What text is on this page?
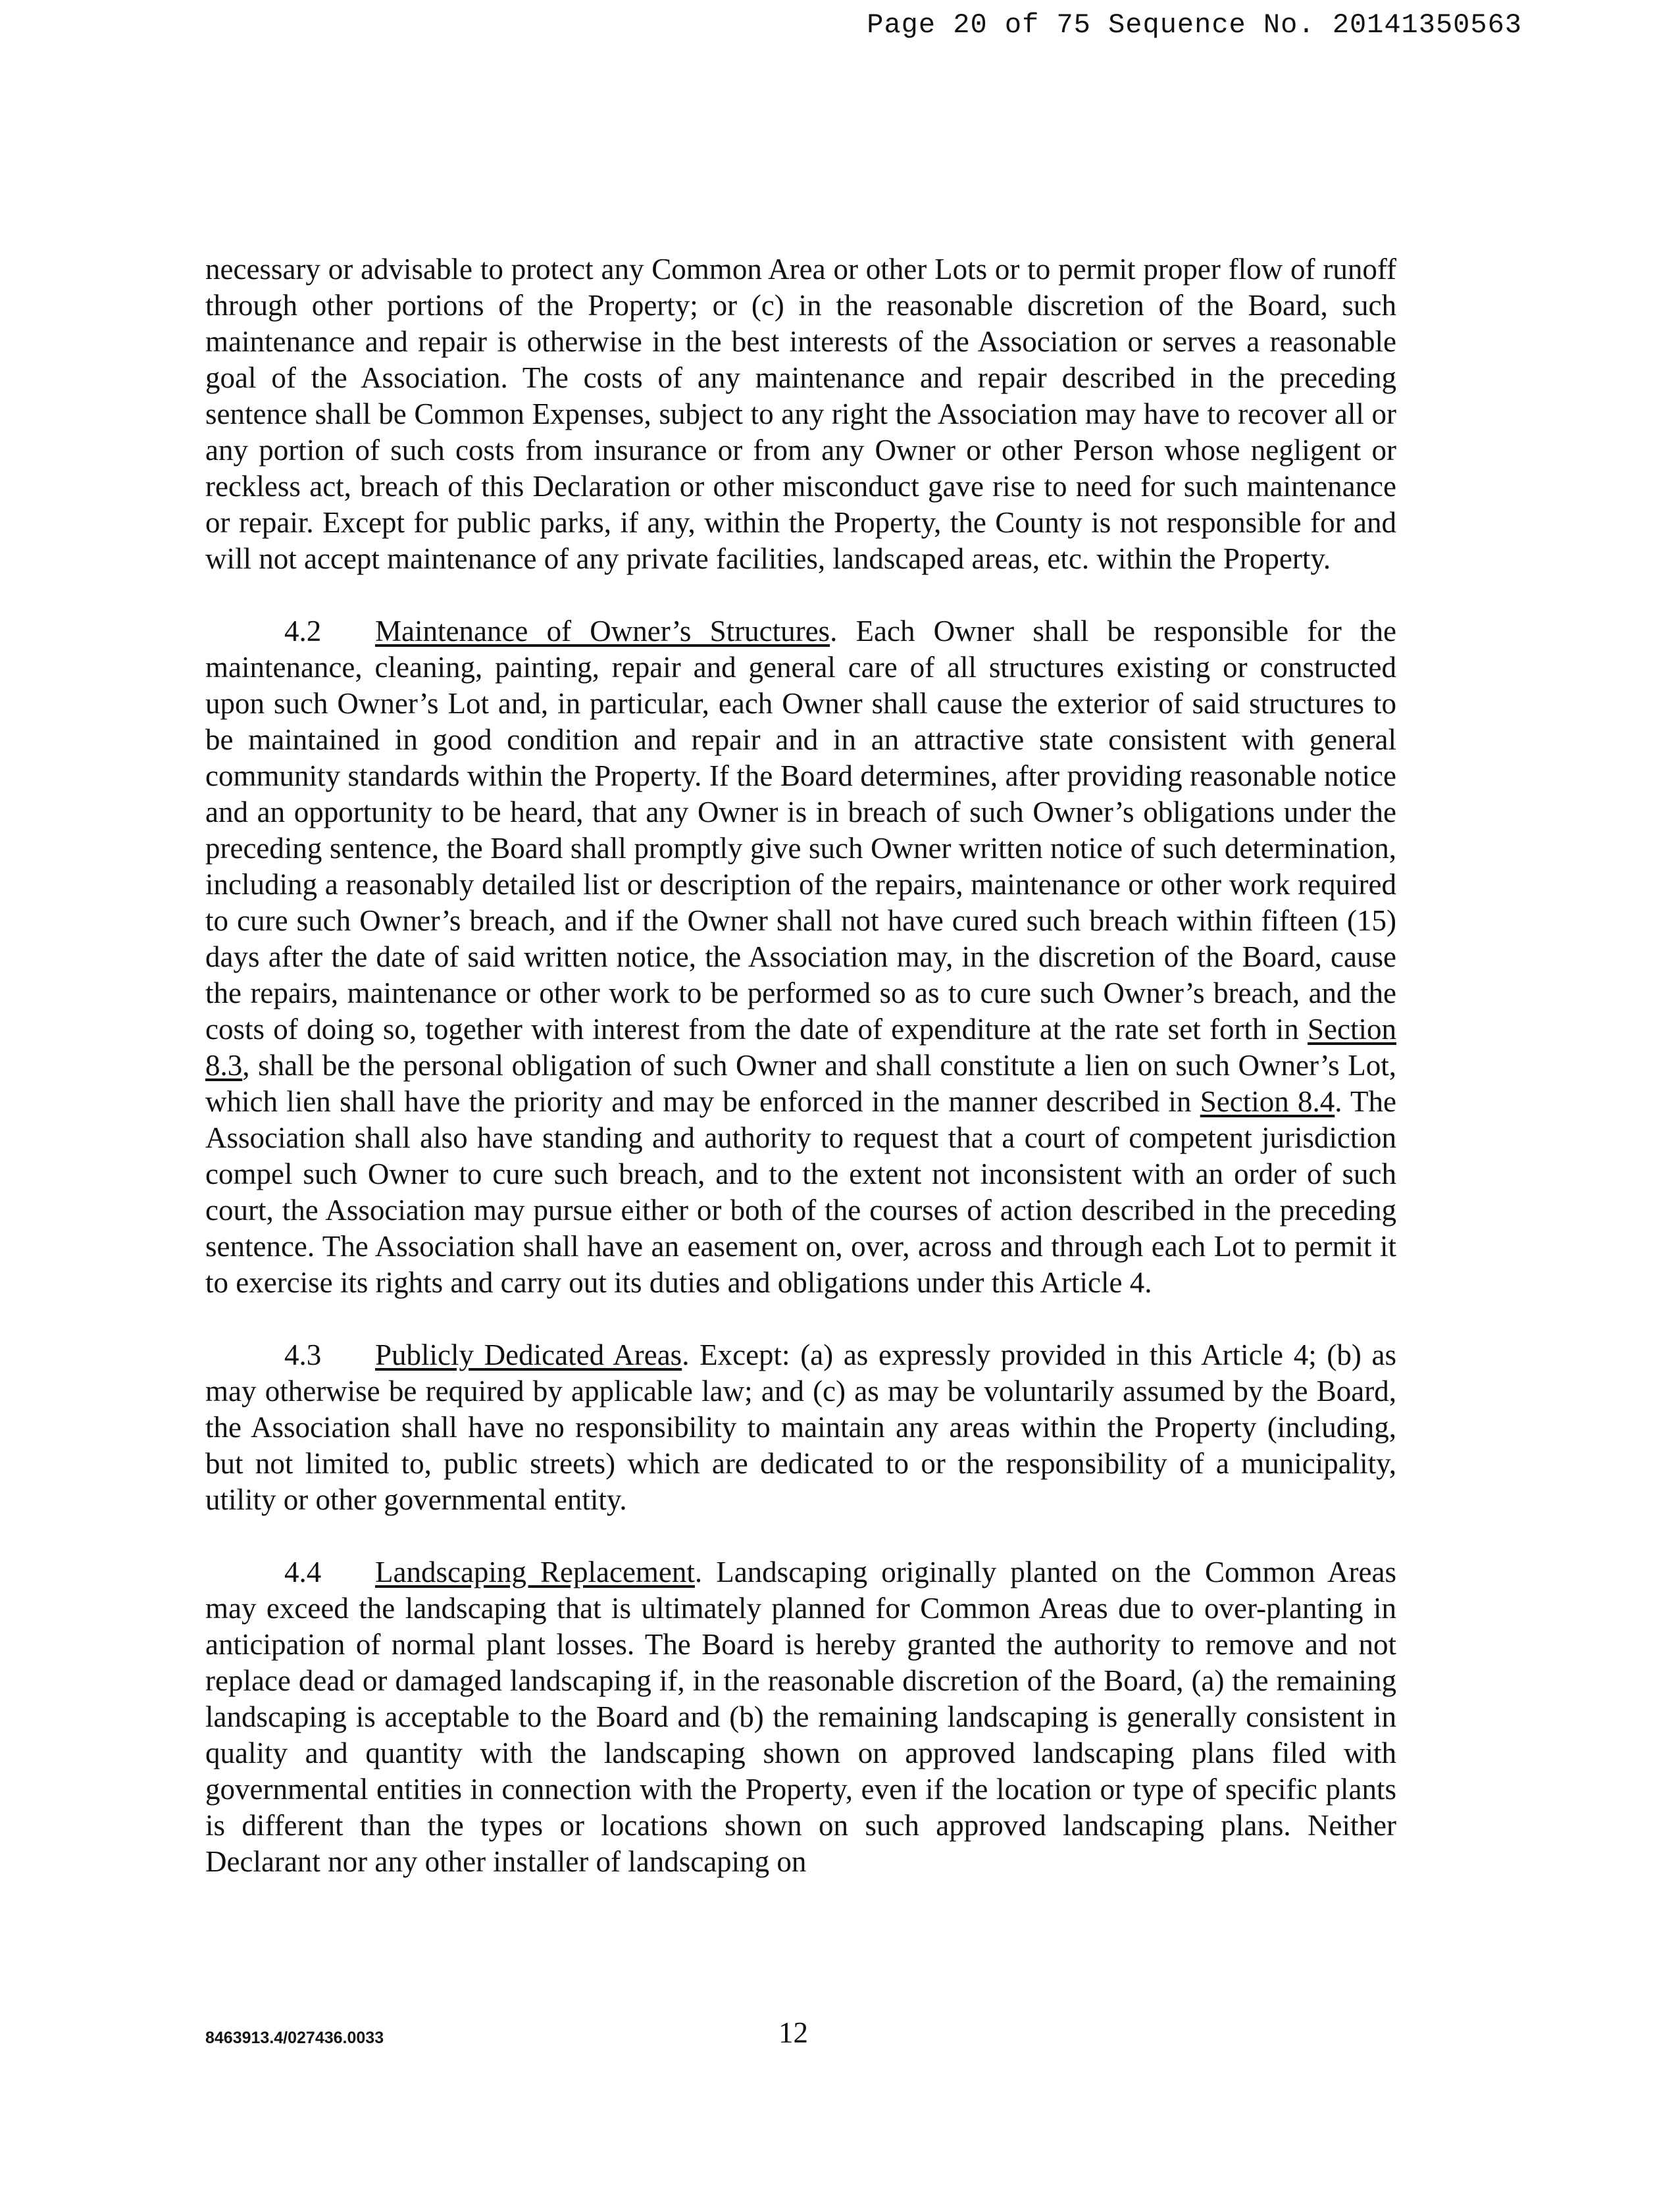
Page 20 of 75 Sequence No. 20141350563

necessary or advisable to protect any Common Area or other Lots or to permit proper flow of runoff through other portions of the Property; or (c) in the reasonable discretion of the Board, such maintenance and repair is otherwise in the best interests of the Association or serves a reasonable goal of the Association. The costs of any maintenance and repair described in the preceding sentence shall be Common Expenses, subject to any right the Association may have to recover all or any portion of such costs from insurance or from any Owner or other Person whose negligent or reckless act, breach of this Declaration or other misconduct gave rise to need for such maintenance or repair. Except for public parks, if any, within the Property, the County is not responsible for and will not accept maintenance of any private facilities, landscaped areas, etc. within the Property.

4.2 Maintenance of Owner’s Structures. Each Owner shall be responsible for the maintenance, cleaning, painting, repair and general care of all structures existing or constructed upon such Owner’s Lot and, in particular, each Owner shall cause the exterior of said structures to be maintained in good condition and repair and in an attractive state consistent with general community standards within the Property. If the Board determines, after providing reasonable notice and an opportunity to be heard, that any Owner is in breach of such Owner’s obligations under the preceding sentence, the Board shall promptly give such Owner written notice of such determination, including a reasonably detailed list or description of the repairs, maintenance or other work required to cure such Owner’s breach, and if the Owner shall not have cured such breach within fifteen (15) days after the date of said written notice, the Association may, in the discretion of the Board, cause the repairs, maintenance or other work to be performed so as to cure such Owner’s breach, and the costs of doing so, together with interest from the date of expenditure at the rate set forth in Section 8.3, shall be the personal obligation of such Owner and shall constitute a lien on such Owner’s Lot, which lien shall have the priority and may be enforced in the manner described in Section 8.4. The Association shall also have standing and authority to request that a court of competent jurisdiction compel such Owner to cure such breach, and to the extent not inconsistent with an order of such court, the Association may pursue either or both of the courses of action described in the preceding sentence. The Association shall have an easement on, over, across and through each Lot to permit it to exercise its rights and carry out its duties and obligations under this Article 4.

4.3 Publicly Dedicated Areas. Except: (a) as expressly provided in this Article 4; (b) as may otherwise be required by applicable law; and (c) as may be voluntarily assumed by the Board, the Association shall have no responsibility to maintain any areas within the Property (including, but not limited to, public streets) which are dedicated to or the responsibility of a municipality, utility or other governmental entity.

4.4 Landscaping Replacement. Landscaping originally planted on the Common Areas may exceed the landscaping that is ultimately planned for Common Areas due to over-planting in anticipation of normal plant losses. The Board is hereby granted the authority to remove and not replace dead or damaged landscaping if, in the reasonable discretion of the Board, (a) the remaining landscaping is acceptable to the Board and (b) the remaining landscaping is generally consistent in quality and quantity with the landscaping shown on approved landscaping plans filed with governmental entities in connection with the Property, even if the location or type of specific plants is different than the types or locations shown on such approved landscaping plans. Neither Declarant nor any other installer of landscaping on

8463913.4/027436.0033	12
